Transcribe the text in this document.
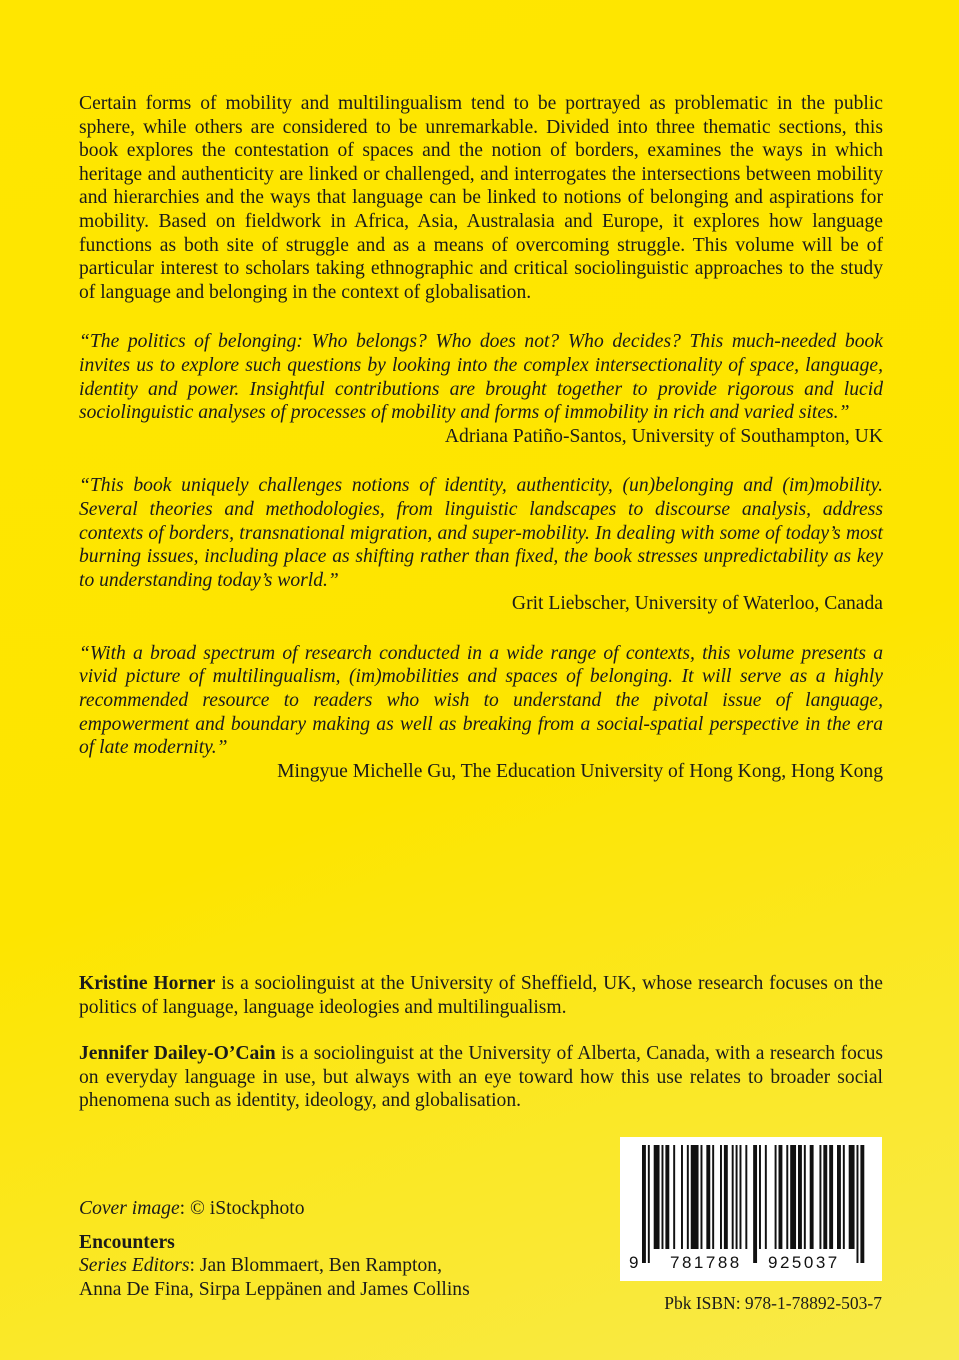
Certain forms of mobility and multilingualism tend to be portrayed as problematic in the public sphere, while others are considered to be unremarkable. Divided into three thematic sections, this book explores the contestation of spaces and the notion of borders, examines the ways in which heritage and authenticity are linked or challenged, and interrogates the intersections between mobility and hierarchies and the ways that language can be linked to notions of belonging and aspirations for mobility. Based on fieldwork in Africa, Asia, Australasia and Europe, it explores how language functions as both site of struggle and as a means of overcoming struggle. This volume will be of particular interest to scholars taking ethnographic and critical sociolinguistic approaches to the study of language and belonging in the context of globalisation.

“The politics of belonging: Who belongs? Who does not? Who decides? This much-needed book invites us to explore such questions by looking into the complex intersectionality of space, language, identity and power. Insightful contributions are brought together to provide rigorous and lucid sociolinguistic analyses of processes of mobility and forms of immobility in rich and varied sites.”

Adriana Patiño-Santos, University of Southampton, UK

“This book uniquely challenges notions of identity, authenticity, (un)belonging and (im)mobility. Several theories and methodologies, from linguistic landscapes to discourse analysis, address contexts of borders, transnational migration, and super-mobility. In dealing with some of today’s most burning issues, including place as shifting rather than fixed, the book stresses unpredictability as key to understanding today’s world.”

Grit Liebscher, University of Waterloo, Canada

“With a broad spectrum of research conducted in a wide range of contexts, this volume presents a vivid picture of multilingualism, (im)mobilities and spaces of belonging. It will serve as a highly recommended resource to readers who wish to understand the pivotal issue of language, empowerment and boundary making as well as breaking from a social-spatial perspective in the era of late modernity.”

Mingyue Michelle Gu, The Education University of Hong Kong, Hong Kong

Kristine Horner is a sociolinguist at the University of Sheffield, UK, whose research focuses on the politics of language, language ideologies and multilingualism.

Jennifer Dailey-O’Cain is a sociolinguist at the University of Alberta, Canada, with a research focus on everyday language in use, but always with an eye toward how this use relates to broader social phenomena such as identity, ideology, and globalisation.

Cover image: © iStockphoto

Encounters

Series Editors: Jan Blommaert, Ben Rampton,

Anna De Fina, Sirpa Leppänen and James Collins

9 781788 925037

Pbk ISBN: 978-1-78892-503-7
